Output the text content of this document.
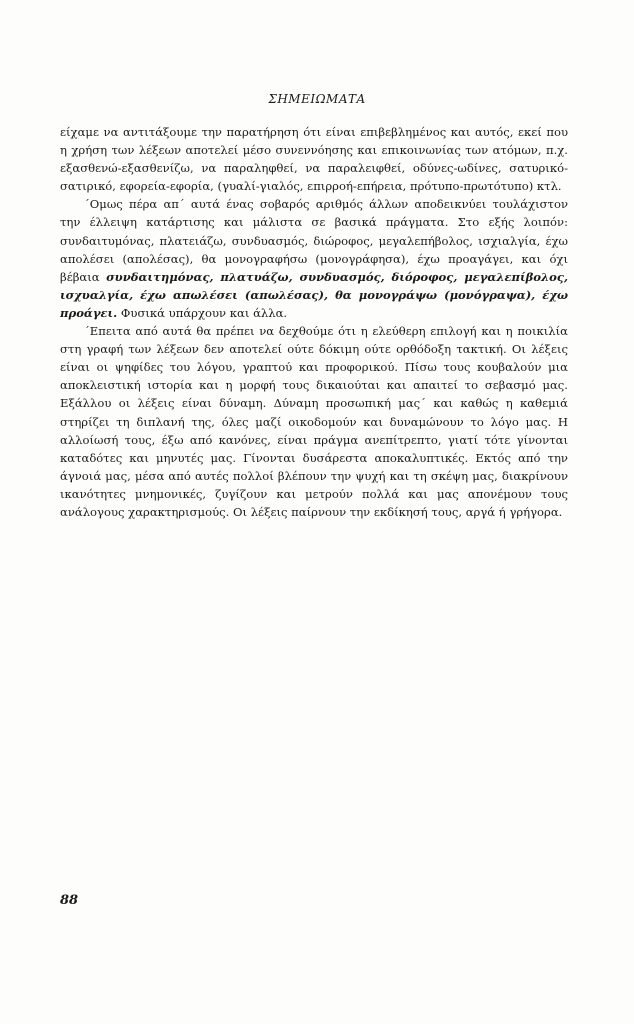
ΣΗΜΕΙΩΜΑΤΑ

είχαμε να αντιτάξουμε την παρατήρηση ότι είναι επιβεβλημένος και αυτός, εκεί που η χρήση των λέξεων αποτελεί μέσο συνεννόησης και επικοινωνίας των ατόμων, π.χ. εξασθενώ-εξασθενίζω, να παραληφθεί, να παραλειφθεί, οδύνες-ωδίνες, σατυρικό-σατιρικό, εφορεία-εφορία, (γυαλί-γιαλός, επιρροή-επήρεια, πρότυπο-πρωτότυπο) κτλ.

΄Ομως πέρα απ΄ αυτά ένας σοβαρός αριθμός άλλων αποδεικνύει τουλάχιστον την έλλειψη κατάρτισης και μάλιστα σε βασικά πράγματα. Στο εξής λοιπόν: συνδαιτυμόνας, πλατειάζω, συνδυασμός, διώροφος, μεγαλεπήβολος, ισχιαλγία, έχω απολέσει (απολέσας), θα μονογραφήσω (μονογράφησα), έχω προαγάγει, και όχι βέβαια συνδαιτημόνας, πλατυάζω, συνδυασμός, διόροφος, μεγαλεπίβολος, ισχυαλγία, έχω απωλέσει (απωλέσας), θα μονογράψω (μονόγραψα), έχω προάγει. Φυσικά υπάρχουν και άλλα.

΄Επειτα από αυτά θα πρέπει να δεχθούμε ότι η ελεύθερη επιλογή και η ποικιλία στη γραφή των λέξεων δεν αποτελεί ούτε δόκιμη ούτε ορθόδοξη τακτική. Οι λέξεις είναι οι ψηφίδες του λόγου, γραπτού και προφορικού. Πίσω τους κουβαλούν μια αποκλειστική ιστορία και η μορφή τους δικαιούται και απαιτεί το σεβασμό μας. Εξάλλου οι λέξεις είναι δύναμη. Δύναμη προσωπική μας΄ και καθώς η καθεμιά στηρίζει τη διπλανή της, όλες μαζί οικοδομούν και δυναμώνουν το λόγο μας. Η αλλοίωσή τους, έξω από κανόνες, είναι πράγμα ανεπίτρεπτο, γιατί τότε γίνονται καταδότες και μηνυτές μας. Γίνονται δυσάρεστα αποκαλυπτικές. Εκτός από την άγνοιά μας, μέσα από αυτές πολλοί βλέπουν την ψυχή και τη σκέψη μας, διακρίνουν ικανότητες μνημονικές, ζυγίζουν και μετρούν πολλά και μας απονέμουν τους ανάλογους χαρακτηρισμούς. Οι λέξεις παίρνουν την εκδίκησή τους, αργά ή γρήγορα.

88
